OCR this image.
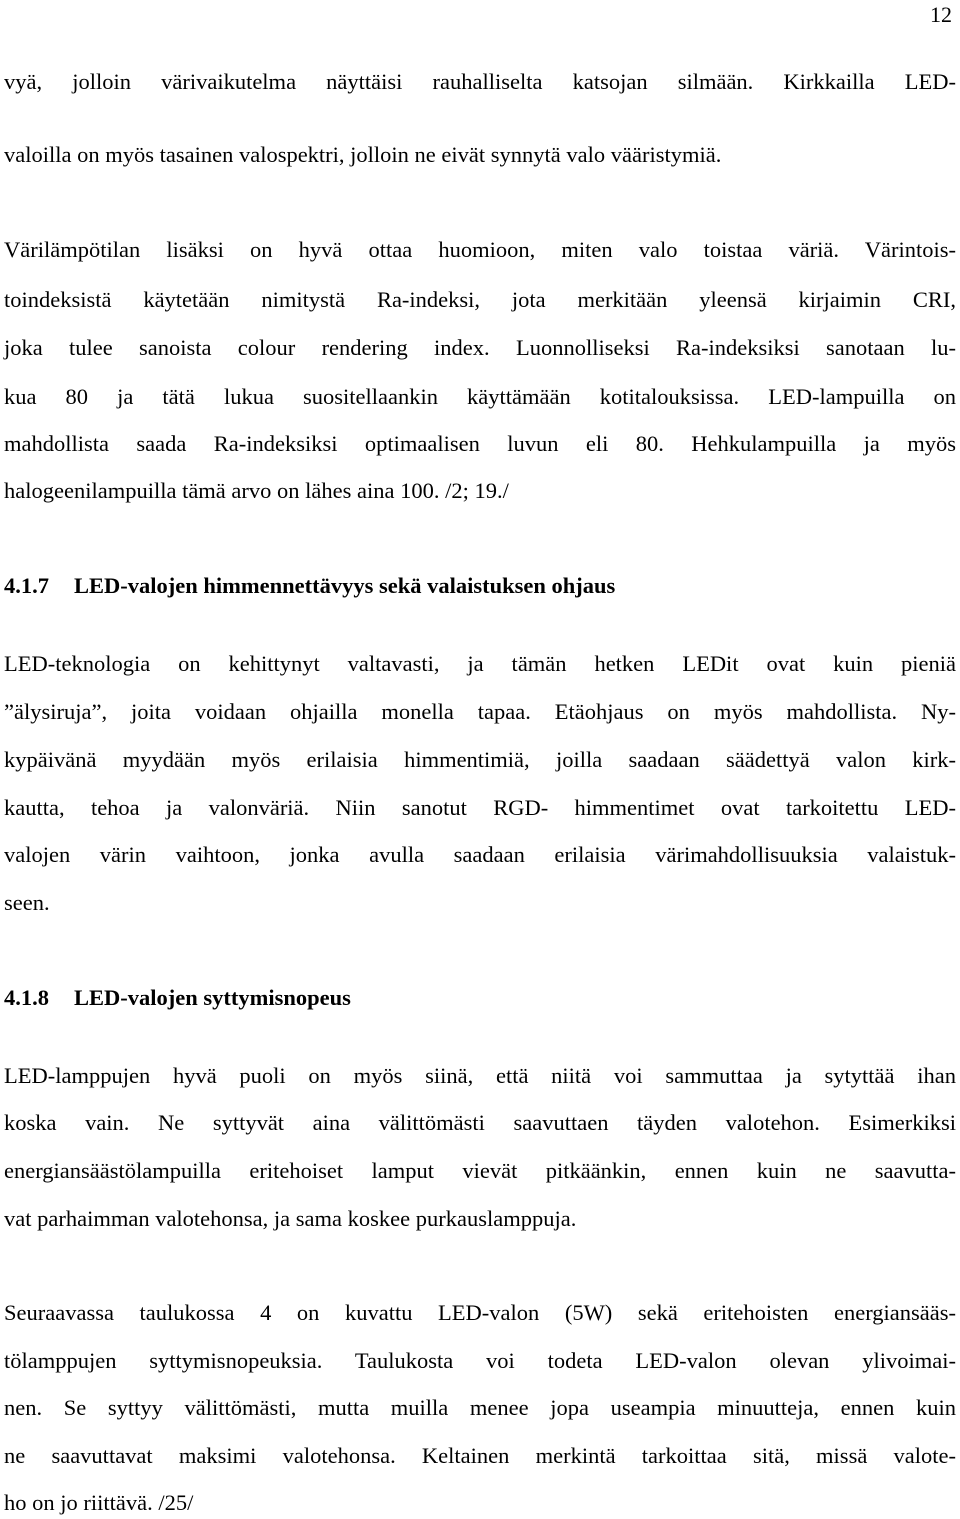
12
vyä, jolloin värivaikutelma näyttäisi rauhalliselta katsojan silmään. Kirkkailla LED-
valoilla on myös tasainen valospektri, jolloin ne eivät synnytä valo vääristymiä.
Värilämpötilan lisäksi on hyvä ottaa huomioon, miten valo toistaa väriä. Värintois-
toindeksistä käytetään nimitystä Ra-indeksi, jota merkitään yleensä kirjaimin CRI,
joka tulee sanoista colour rendering index. Luonnolliseksi Ra-indeksiksi sanotaan lu-
kua 80 ja tätä lukua suositellaankin käyttämään kotitalouksissa. LED-lampuilla on
mahdollista saada Ra-indeksiksi optimaalisen luvun eli 80. Hehkulampuilla ja myös
halogeenilampuilla tämä arvo on lähes aina 100. /2; 19./
4.1.7 LED-valojen himmennettävyys sekä valaistuksen ohjaus
LED-teknologia on kehittynyt valtavasti, ja tämän hetken LEDit ovat kuin pieniä
”älysiruja”, joita voidaan ohjailla monella tapaa. Etäohjaus on myös mahdollista. Ny-
kypäivänä myydään myös erilaisia himmentimiä, joilla saadaan säädettyä valon kirk-
kautta, tehoa ja valonväriä. Niin sanotut RGD- himmentimet ovat tarkoitettu LED-
valojen värin vaihtoon, jonka avulla saadaan erilaisia värimahdollisuuksia valaistuk-
seen.
4.1.8 LED-valojen syttymisnopeus
LED-lamppujen hyvä puoli on myös siinä, että niitä voi sammuttaa ja sytyttää ihan
koska vain. Ne syttyvät aina välittömästi saavuttaen täyden valotehon. Esimerkiksi
energiansäästölampuilla eritehoiset lamput vievät pitkäänkin, ennen kuin ne saavutta-
vat parhaimman valotehonsa, ja sama koskee purkauslamppuja.
Seuraavassa taulukossa 4 on kuvattu LED-valon (5W) sekä eritehoisten energiansääs-
tölamppujen syttymisnopeuksia. Taulukosta voi todeta LED-valon olevan ylivoimai-
nen. Se syttyy välittömästi, mutta muilla menee jopa useampia minuutteja, ennen kuin
ne saavuttavat maksimi valotehonsa. Keltainen merkintä tarkoittaa sitä, missä valote-
ho on jo riittävä. /25/
